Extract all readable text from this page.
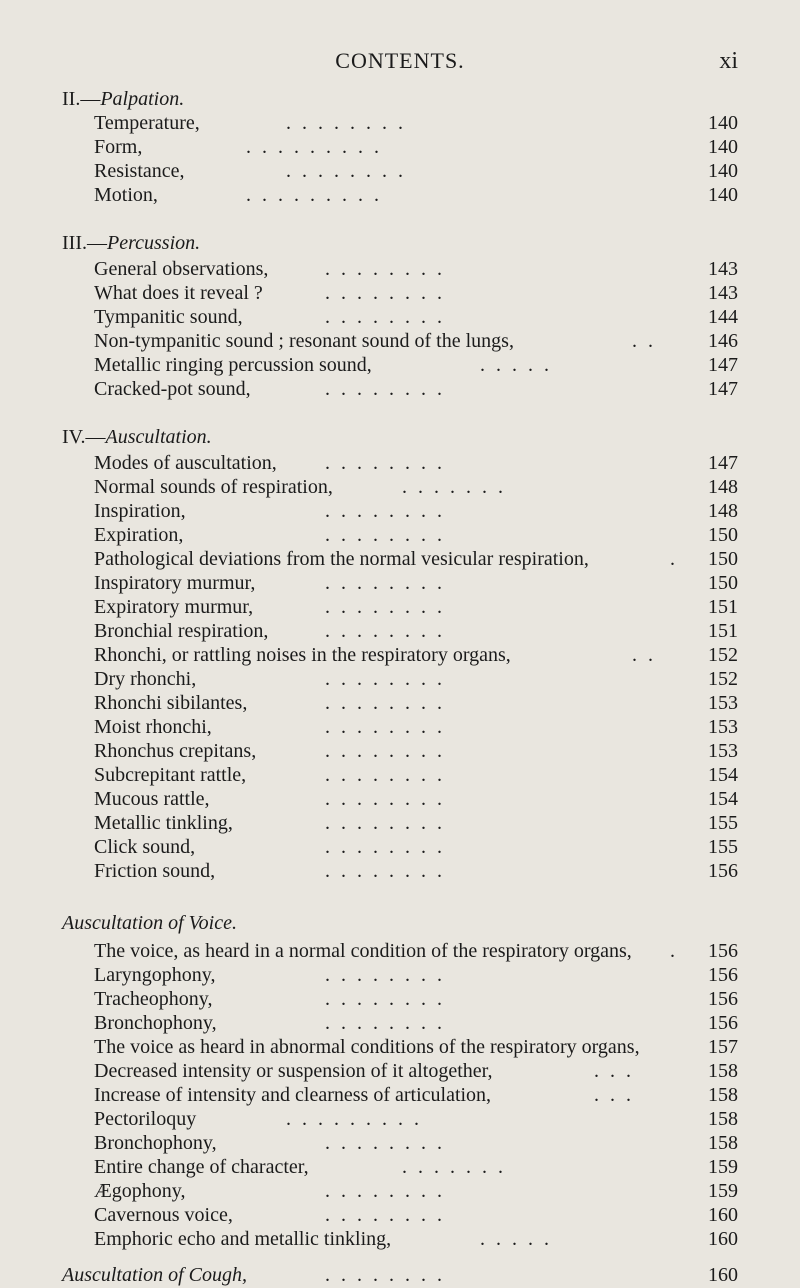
CONTENTS.	xi
II.—Palpation.
Temperature,	. . . . . . . .	140
Form,	. . . . . . . . .	140
Resistance,	. . . . . . . .	140
Motion,	. . . . . . . . .	140
III.—Percussion.
General observations,	. . . . . . . .	143
What does it reveal ?	. . . . . . . .	143
Tympanitic sound,	. . . . . . . .	144
Non-tympanitic sound ; resonant sound of the lungs,	. .	146
Metallic ringing percussion sound,	. . . . .	147
Cracked-pot sound,	. . . . . . . .	147
IV.—Auscultation.
Modes of auscultation, . . . . . . . .	147
Normal sounds of respiration,	. . . . . . .	148
Inspiration,	. . . . . . . .	148
Expiration,	. . . . . . . .	150
Pathological deviations from the normal vesicular respiration,	. 150
Inspiratory murmur,	. . . . . . . .	150
Expiratory murmur,	. . . . . . . .	151
Bronchial respiration,	. . . . . . . .	151
Rhonchi, or rattling noises in the respiratory organs,	. .	152
Dry rhonchi,	. . . . . . . .	152
Rhonchi sibilantes,	. . . . . . . .	153
Moist rhonchi,	. . . . . . . .	153
Rhonchus crepitans,	. . . . . . . .	153
Subcrepitant rattle,	. . . . . . . .	154
Mucous rattle,	. . . . . . . .	154
Metallic tinkling,	. . . . . . . .	155
Click sound,	. . . . . . . .	155
Friction sound,	. . . . . . . .	156
Auscultation of Voice.
The voice, as heard in a normal condition of the respiratory organs, . 156
Laryngophony,	. . . . . . . .	156
Tracheophony,	. . . . . . . .	156
Bronchophony,	. . . . . . . .	156
The voice as heard in abnormal conditions of the respiratory organs,	157
Decreased intensity or suspension of it altogether,	. . .	158
Increase of intensity and clearness of articulation,	. . .	158
Pectoriloquy	. . . . . . . . .	158
Bronchophony,	. . . . . . . .	158
Entire change of character,	. . . . . . .	159
Ægophony,	. . . . . . . .	159
Cavernous voice,	. . . . . . . .	160
Emphoric echo and metallic tinkling,	. . . . .	160
Auscultation of Cough,	. . . . . . . .	160
